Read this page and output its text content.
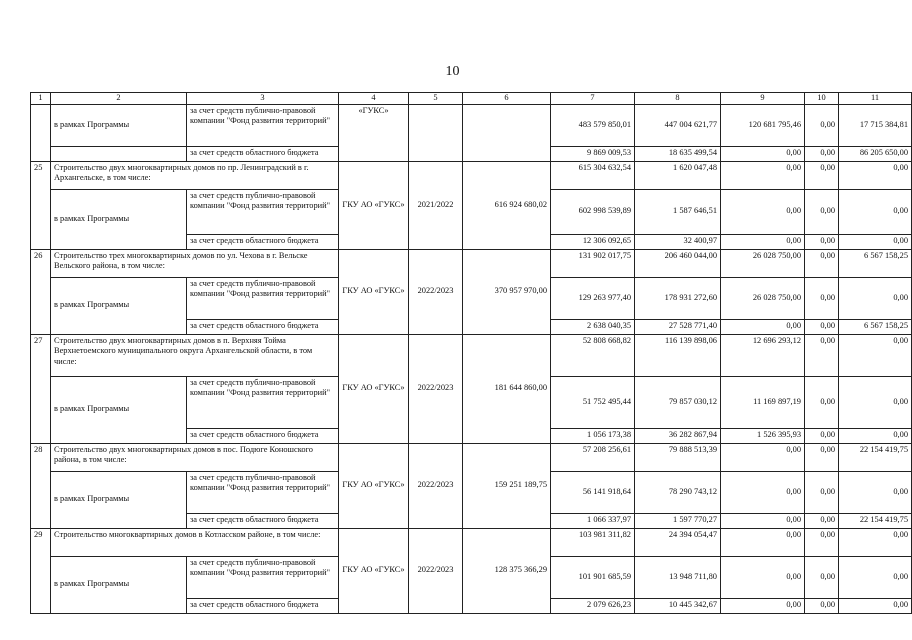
10
1	2	3	4	5	6	7	8	9	10	11
	в рамках Программы	за счет средств публично-правовой компании "Фонд развития территорий"	«ГУКС»			483 579 850,01	447 004 621,77	120 681 795,46	0,00	17 715 384,81
		за счет средств областного бюджета				9 869 009,53	18 635 499,54	0,00	0,00	86 205 650,00
25	Строительство двух многоквартирных домов по пр. Ленинградский в г. Архангельске, в том числе:		ГКУ АО «ГУКС»	2021/2022	616 924 680,02	615 304 632,54	1 620 047,48	0,00	0,00	0,00
	в рамках Программы	за счет средств публично-правовой компании "Фонд развития территорий"				602 998 539,89	1 587 646,51	0,00	0,00	0,00
		за счет средств областного бюджета				12 306 092,65	32 400,97	0,00	0,00	0,00
26	Строительство трех многоквартирных домов по ул. Чехова в г. Вельске Вельского района, в том числе:		ГКУ АО «ГУКС»	2022/2023	370 957 970,00	131 902 017,75	206 460 044,00	26 028 750,00	0,00	6 567 158,25
	в рамках Программы	за счет средств публично-правовой компании "Фонд развития территорий"				129 263 977,40	178 931 272,60	26 028 750,00	0,00	0,00
		за счет средств областного бюджета				2 638 040,35	27 528 771,40	0,00	0,00	6 567 158,25
27	Строительство двух многоквартирных домов в п. Верхняя Тойма Верхнетоемского муниципального округа Архангельской области, в том числе:		ГКУ АО «ГУКС»	2022/2023	181 644 860,00	52 808 668,82	116 139 898,06	12 696 293,12	0,00	0,00
	в рамках Программы	за счет средств публично-правовой компании "Фонд развития территорий"				51 752 495,44	79 857 030,12	11 169 897,19	0,00	0,00
		за счет средств областного бюджета				1 056 173,38	36 282 867,94	1 526 395,93	0,00	0,00
28	Строительство двух многоквартирных домов в пос. Подюге Коношского района, в том числе:		ГКУ АО «ГУКС»	2022/2023	159 251 189,75	57 208 256,61	79 888 513,39	0,00	0,00	22 154 419,75
	в рамках Программы	за счет средств публично-правовой компании "Фонд развития территорий"				56 141 918,64	78 290 743,12	0,00	0,00	0,00
		за счет средств областного бюджета				1 066 337,97	1 597 770,27	0,00	0,00	22 154 419,75
29	Строительство многоквартирных домов в Котласском районе, в том числе:		ГКУ АО «ГУКС»	2022/2023	128 375 366,29	103 981 311,82	24 394 054,47	0,00	0,00	0,00
	в рамках Программы	за счет средств публично-правовой компании "Фонд развития территорий"				101 901 685,59	13 948 711,80	0,00	0,00	0,00
		за счет средств областного бюджета				2 079 626,23	10 445 342,67	0,00	0,00	0,00
